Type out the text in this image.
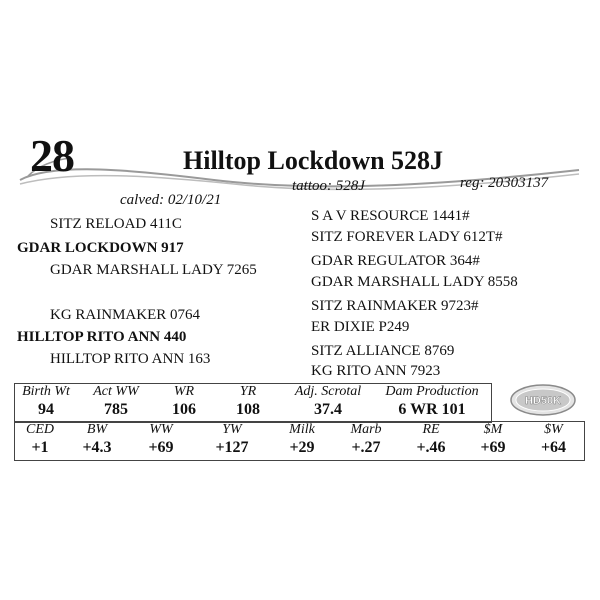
28	Hilltop Lockdown 528J
calved: 02/10/21
tattoo: 528J	reg: 20303137
SITZ RELOAD 411C
GDAR LOCKDOWN 917
GDAR MARSHALL LADY 7265
KG RAINMAKER 0764
HILLTOP RITO ANN 440
HILLTOP RITO ANN 163
S A V RESOURCE 1441#
SITZ FOREVER LADY 612T#
GDAR REGULATOR 364#
GDAR MARSHALL LADY 8558
SITZ RAINMAKER 9723#
ER DIXIE P249
SITZ ALLIANCE 8769
KG RITO ANN 7923
Birth Wt	Act WW	WR	YR	Adj. Scrotal	Dam Production
94	785	106	108	37.4	6 WR 101	HD50K
CED	BW	WW	YW	Milk	Marb	RE	$M	$W
+1	+4.3	+69	+127	+29	+.27	+.46	+69	+64
